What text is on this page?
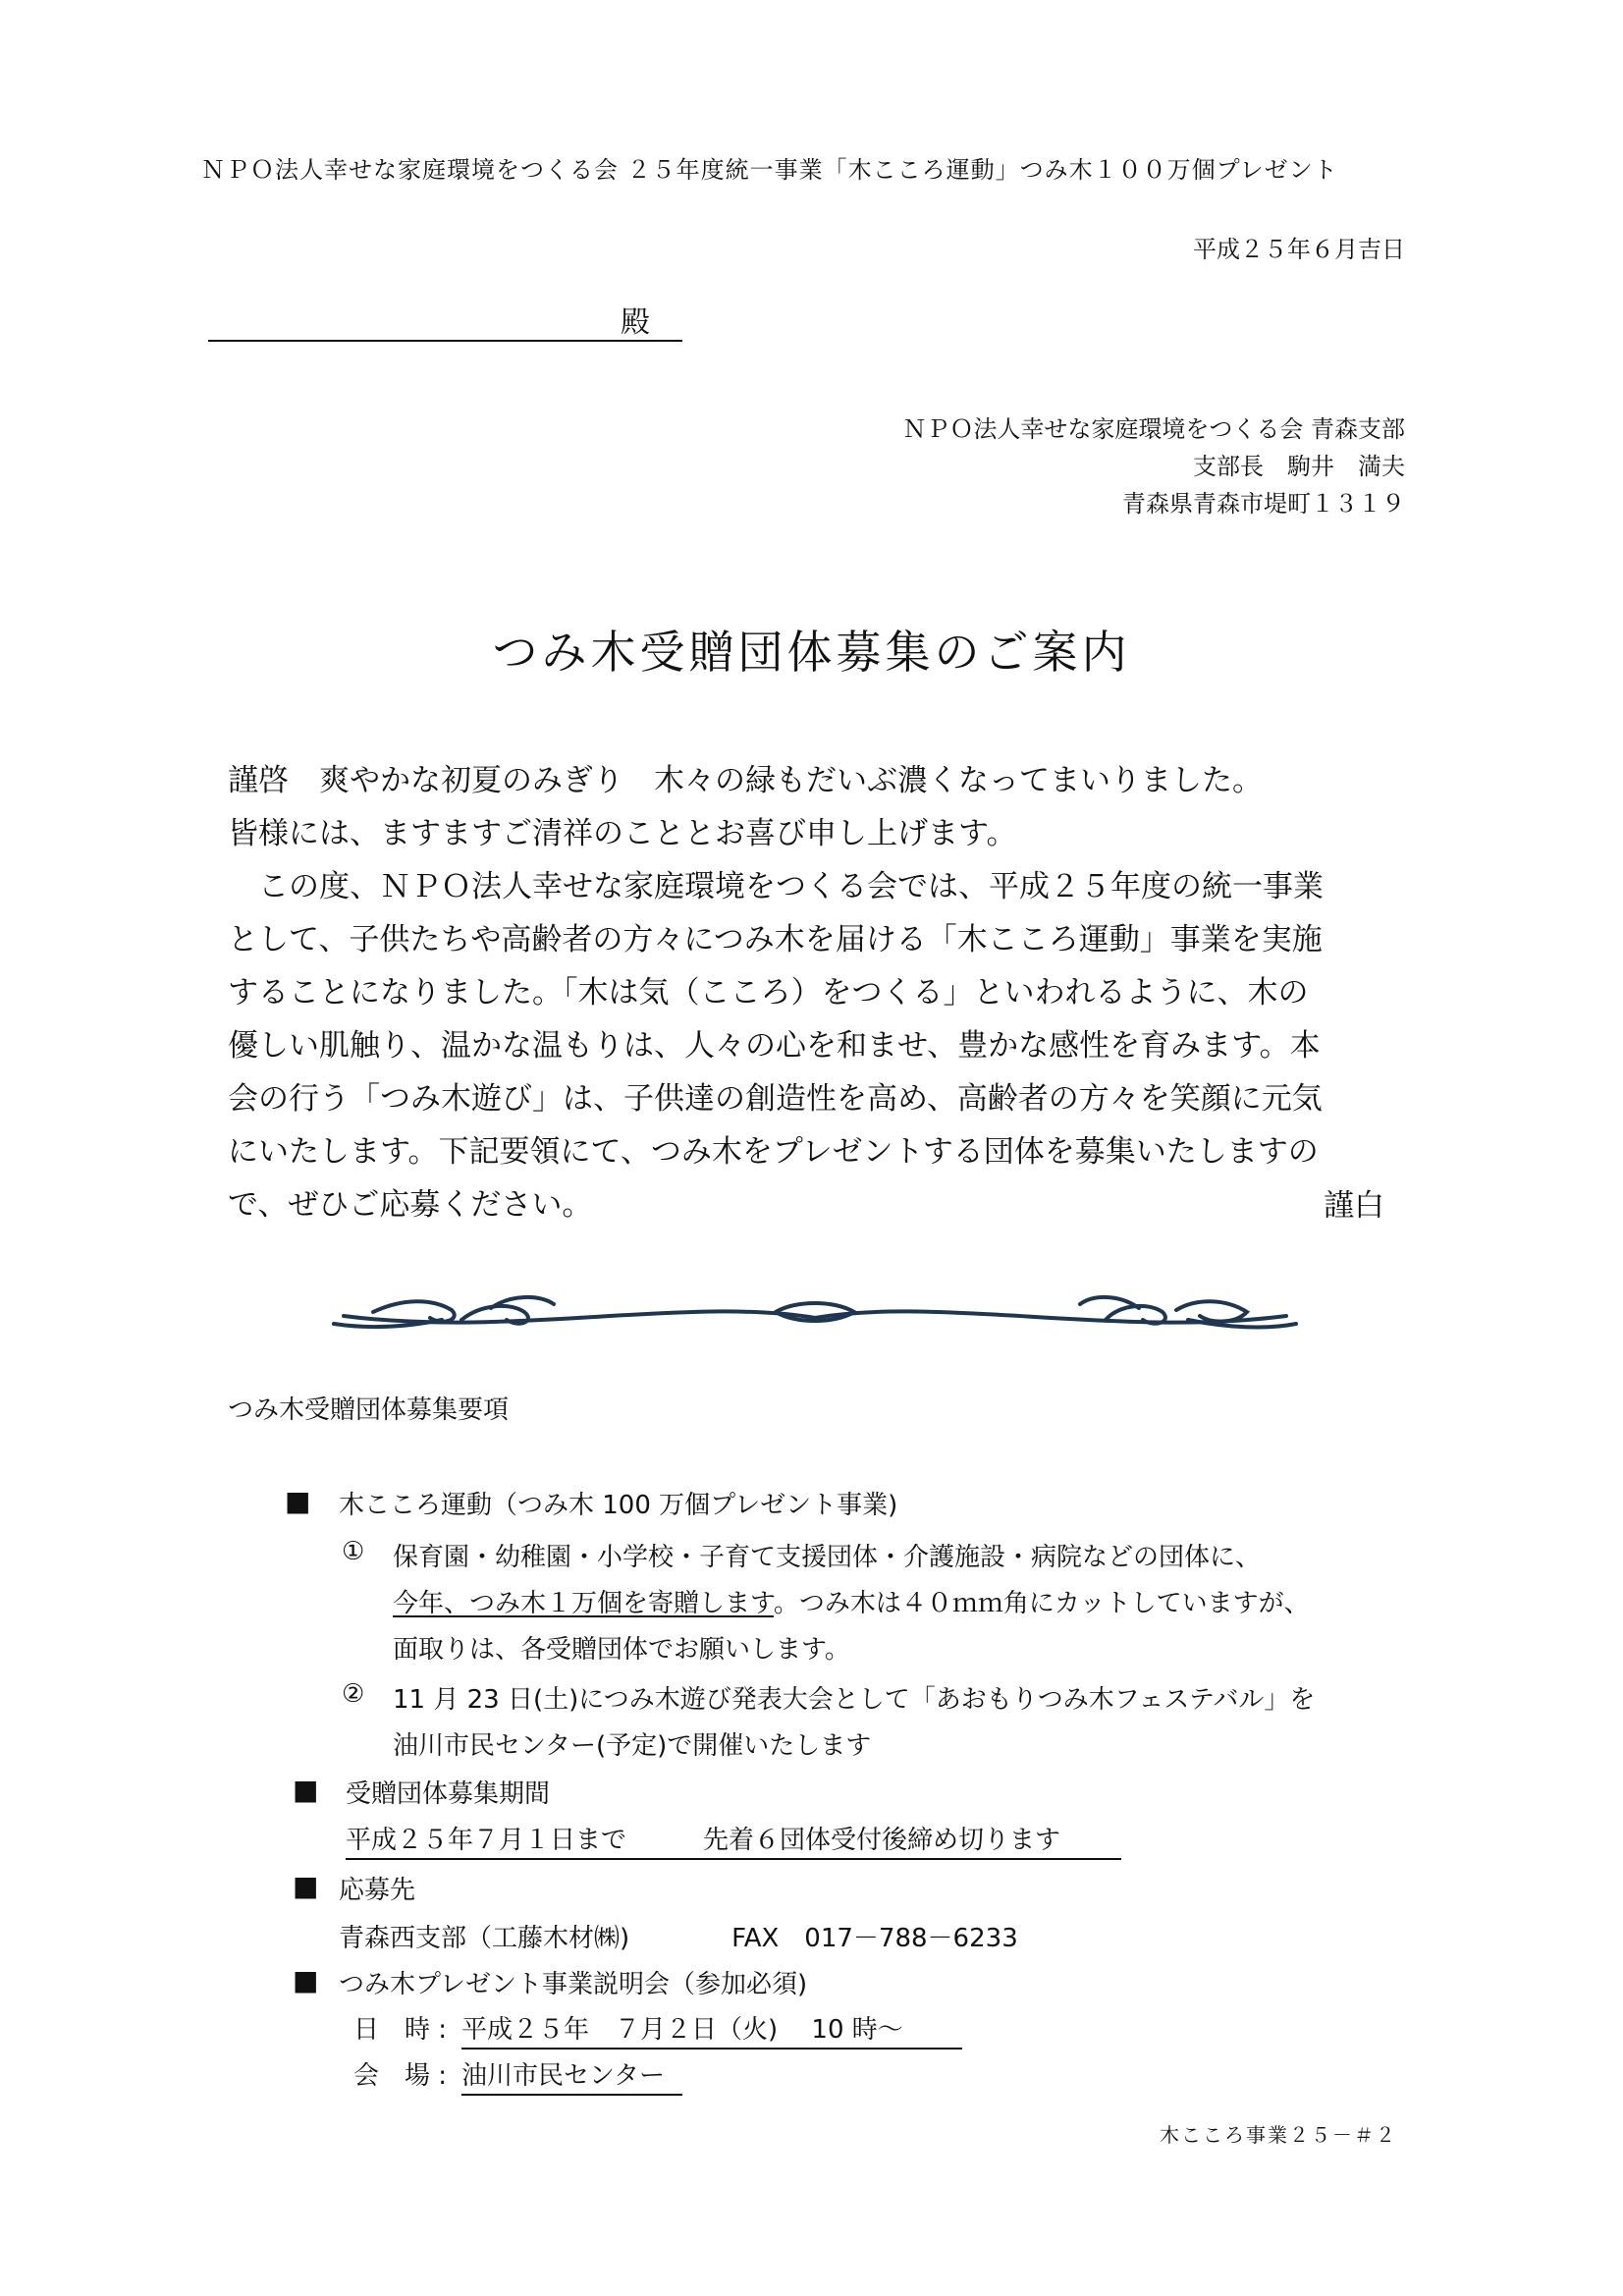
ＮＰＯ法人幸せな家庭環境をつくる会 ２５年度統一事業「木こころ運動」つみ木１００万個プレゼント
平成２５年６月吉日
殿
ＮＰＯ法人幸せな家庭環境をつくる会 青森支部
支部長　駒井　満夫
青森県青森市堤町１３１９
つみ木受贈団体募集のご案内

謹啓　爽やかな初夏のみぎり　木々の緑もだいぶ濃くなってまいりました。

皆様には、ますますご清祥のこととお喜び申し上げます。

　この度、ＮＰＯ法人幸せな家庭環境をつくる会では、平成２５年度の統一事業

として、子供たちや高齢者の方々につみ木を届ける「木こころ運動」事業を実施

することになりました。「木は気（こころ）をつくる」といわれるように、木の

優しい肌触り、温かな温もりは、人々の心を和ませ、豊かな感性を育みます。本

会の行う「つみ木遊び」は、子供達の創造性を高め、高齢者の方々を笑顔に元気

にいたします。下記要領にて、つみ木をプレゼントする団体を募集いたしますの

で、ぜひご応募ください。	謹白
つみ木受贈団体募集要項
■ 木こころ運動（つみ木 100 万個プレゼント事業)
① 保育園・幼稚園・小学校・子育て支援団体・介護施設・病院などの団体に、
今年、つみ木１万個を寄贈します。つみ木は４０ｍｍ角にカットしていますが、
面取りは、各受贈団体でお願いします。
② 11 月 23 日(土)につみ木遊び発表大会として「あおもりつみ木フェステバル」を
油川市民センター(予定)で開催いたします
■ 受贈団体募集期間
平成２５年７月１日まで　　　先着６団体受付後締め切ります
■ 応募先
青森西支部（工藤木材㈱)　　　　FAX　017－788－6233
■ つみ木プレゼント事業説明会（参加必須)
日　時 : 平成２５年　７月２日（火)　 10 時～
会　場 : 油川市民センター
木こころ事業２５－＃２
